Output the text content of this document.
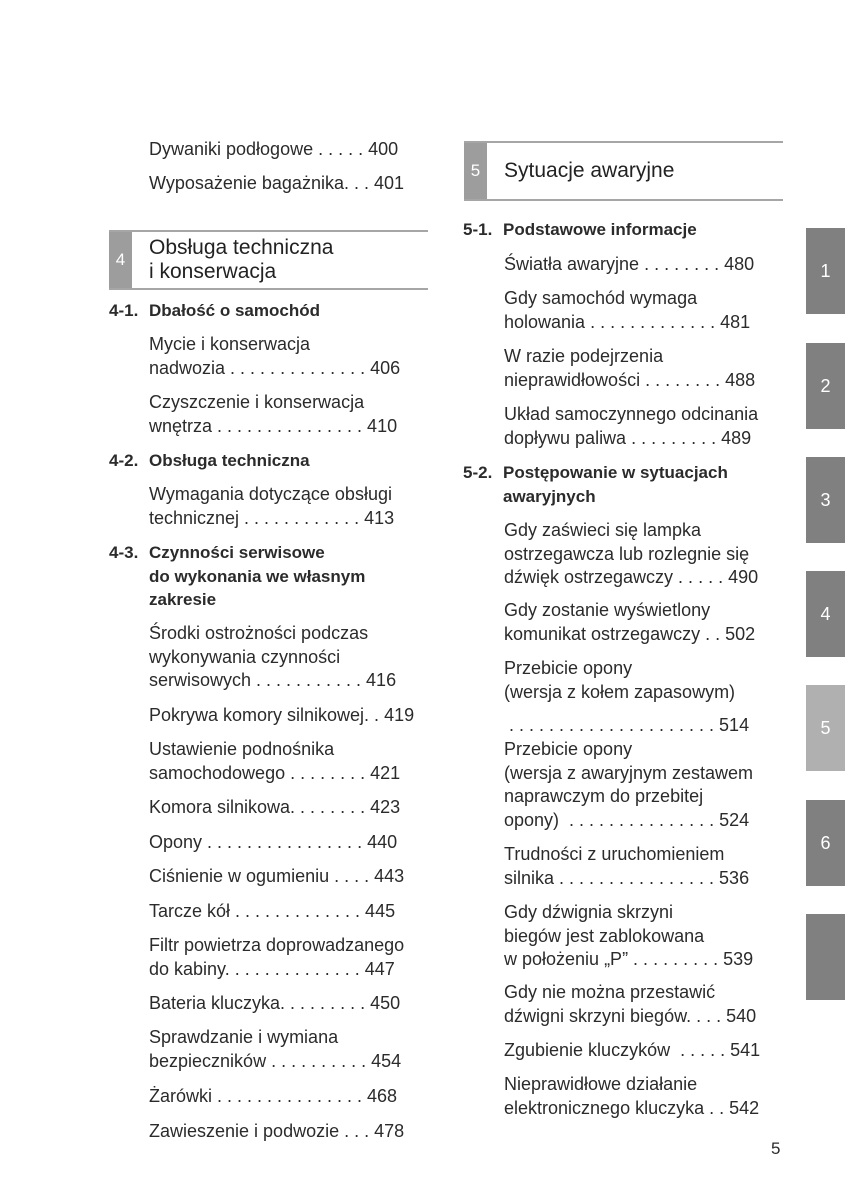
Dywaniki podłogowe . . . . . 400
Wyposażenie bagażnika. . . 401
4
Obsługa techniczna
i konserwacja
4-1. Dbałość o samochód
Mycie i konserwacja
nadwozia . . . . . . . . . . . . . . 406
Czyszczenie i konserwacja
wnętrza . . . . . . . . . . . . . . . 410
4-2. Obsługa techniczna
Wymagania dotyczące obsługi
technicznej . . . . . . . . . . . . 413
4-3. Czynności serwisowe
do wykonania we własnym
zakresie
Środki ostrożności podczas
wykonywania czynności
serwisowych . . . . . . . . . . . 416
Pokrywa komory silnikowej. . 419
Ustawienie podnośnika
samochodowego . . . . . . . . 421
Komora silnikowa. . . . . . . . 423
Opony . . . . . . . . . . . . . . . . 440
Ciśnienie w ogumieniu . . . . 443
Tarcze kół . . . . . . . . . . . . . 445
Filtr powietrza doprowadzanego
do kabiny. . . . . . . . . . . . . . 447
Bateria kluczyka. . . . . . . . . 450
Sprawdzanie i wymiana
bezpieczników . . . . . . . . . . 454
Żarówki . . . . . . . . . . . . . . . 468
Zawieszenie i podwozie . . . 478
5	Sytuacje awaryjne
5-1. Podstawowe informacje
Światła awaryjne . . . . . . . . 480
Gdy samochód wymaga
holowania . . . . . . . . . . . . . 481
W razie podejrzenia
nieprawidłowości . . . . . . . . 488
Układ samoczynnego odcinania
dopływu paliwa . . . . . . . . . 489
5-2. Postępowanie w sytuacjach
awaryjnych
Gdy zaświeci się lampka
ostrzegawcza lub rozlegnie się
dźwięk ostrzegawczy . . . . . 490
Gdy zostanie wyświetlony
komunikat ostrzegawczy . . 502
Przebicie opony
(wersja z kołem zapasowym)
. . . . . . . . . . . . . . . . . . . . . 514
Przebicie opony
(wersja z awaryjnym zestawem
naprawczym do przebitej
opony)  . . . . . . . . . . . . . . . 524
Trudności z uruchomieniem
silnika . . . . . . . . . . . . . . . . 536
Gdy dźwignia skrzyni
biegów jest zablokowana
w położeniu „P” . . . . . . . . . 539
Gdy nie można przestawić
dźwigni skrzyni biegów. . . . 540
Zgubienie kluczyków  . . . . . 541
Nieprawidłowe działanie
elektronicznego kluczyka . . 542
1
2
3
4
5
6
5
